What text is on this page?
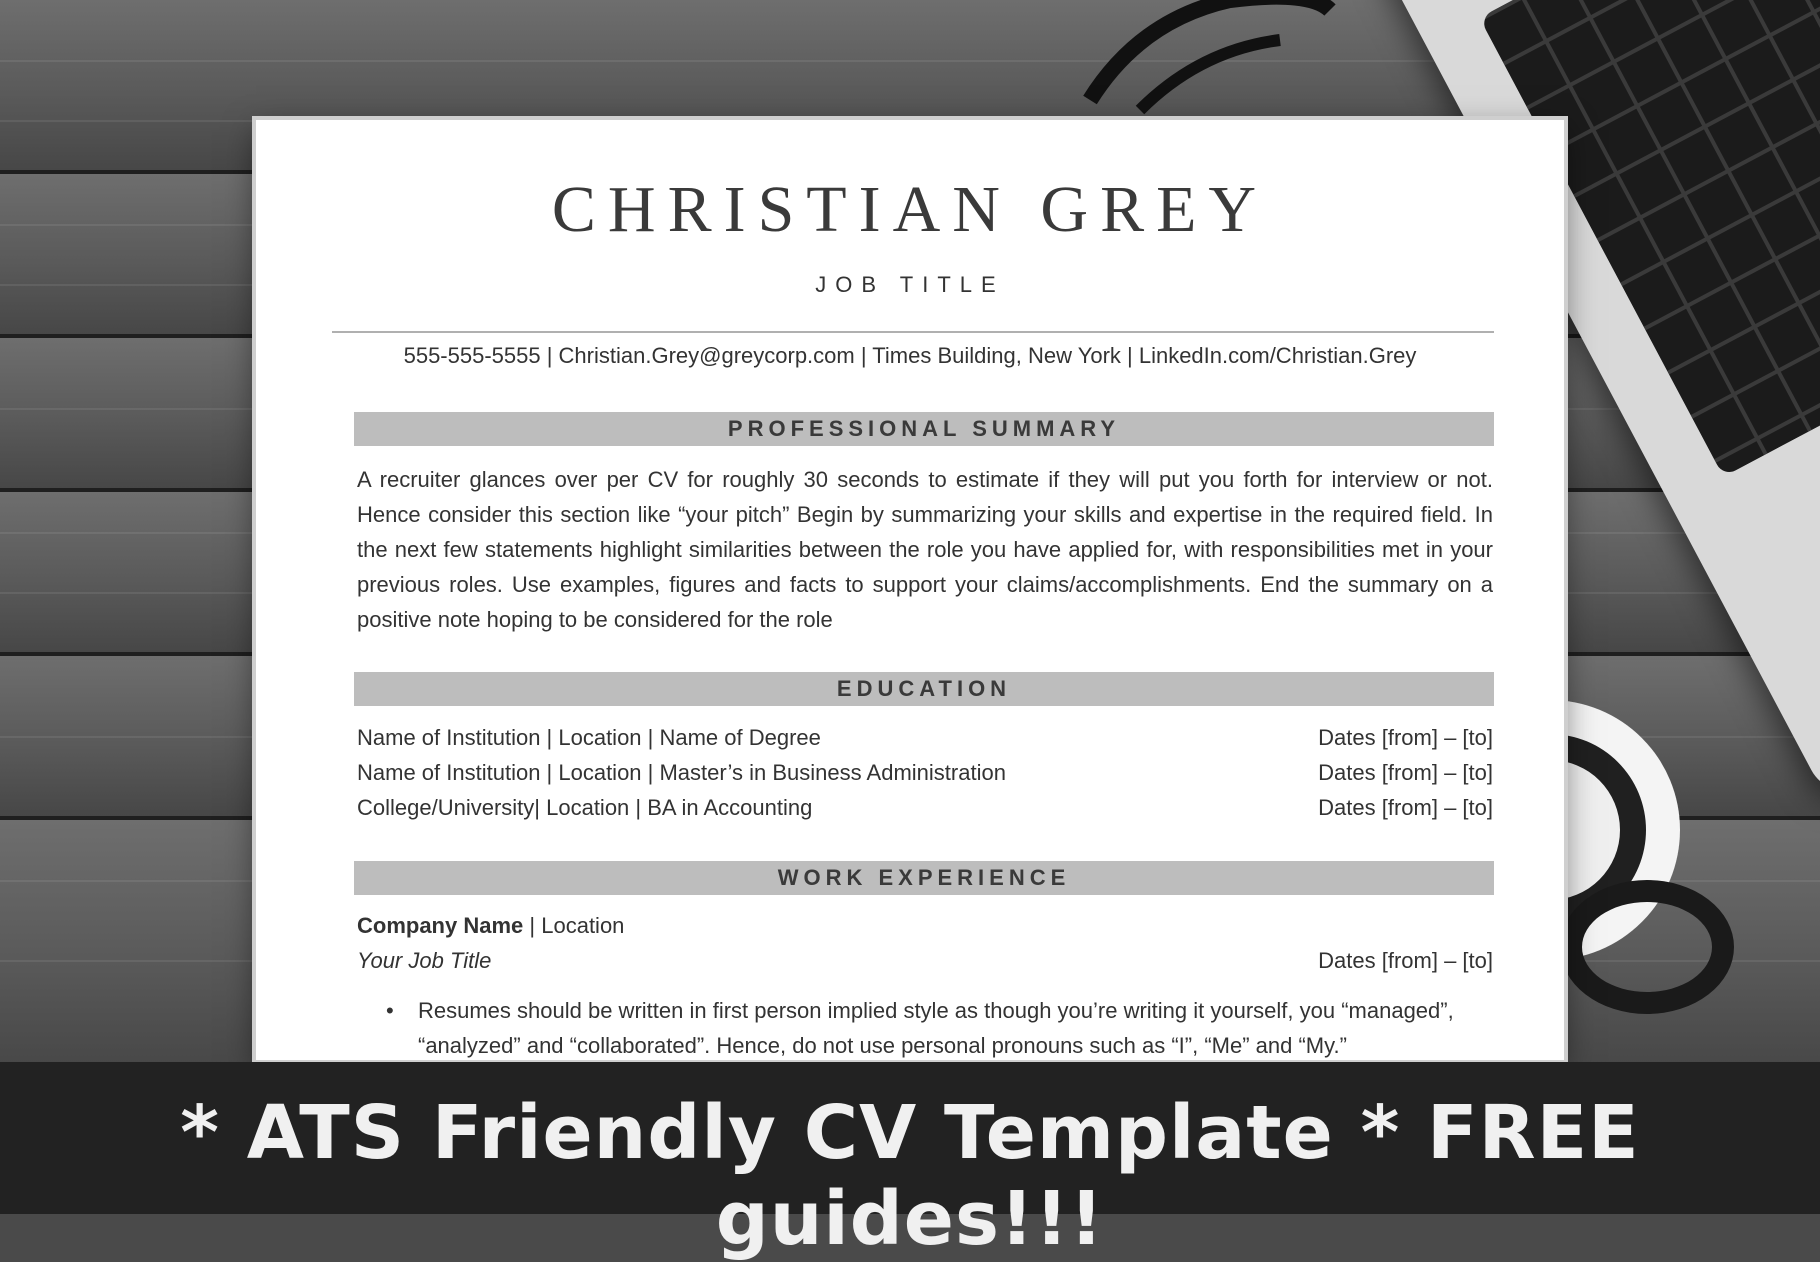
CHRISTIAN GREY
JOB TITLE
555-555-5555 | Christian.Grey@greycorp.com | Times Building, New York | LinkedIn.com/Christian.Grey
PROFESSIONAL SUMMARY
A recruiter glances over per CV for roughly 30 seconds to estimate if they will put you forth for interview or not. Hence consider this section like “your pitch” Begin by summarizing your skills and expertise in the required field. In the next few statements highlight similarities between the role you have applied for, with responsibilities met in your previous roles. Use examples, figures and facts to support your claims/accomplishments. End the summary on a positive note hoping to be considered for the role
EDUCATION
Name of Institution | Location | Name of Degree	Dates [from] – [to]
Name of Institution | Location | Master’s in Business Administration	Dates [from] – [to]
College/University| Location | BA in Accounting	Dates [from] – [to]
WORK EXPERIENCE
Company Name | Location
Your Job Title	Dates [from] – [to]
• Resumes should be written in first person implied style as though you’re writing it yourself, you “managed”, “analyzed” and “collaborated”. Hence, do not use personal pronouns such as “I”, “Me” and “My.”
* ATS Friendly CV Template * FREE guides!!!
